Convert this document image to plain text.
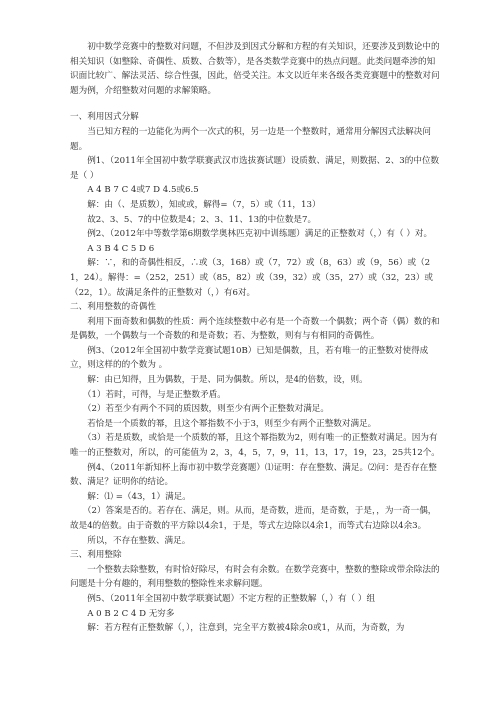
　　初中数学竞赛中的整数对问题，不但涉及到因式分解和方程的有关知识，还要涉及到数论中的相关知识（如整除、奇偶性、质数、合数等），是各类数学竞赛中的热点问题。此类问题牵涉的知识面比较广、解法灵活、综合性强，因此，倍受关注。本文以近年来各级各类竞赛题中的整数对问题为例，介绍整数对问题的求解策略。

一、利用因式分解

　　当已知方程的一边能化为两个一次式的积，另一边是一个整数时，通常用分解因式法解决问题。

　　例1、（2011年全国初中数学联赛武汉市选拔赛试题）设质数、满足，则数据、2、3的中位数是（ ）

　　A 4 B 7 C 4或7 D 4.5或6.5

　　解：由（、是质数），知或或，解得=（7，5）或（11，13）

　　故2、3、5、7的中位数是4；2、3、11、13的中位数是7。

　　例2、（2012年中等数学第6期数学奥林匹克初中训练题）满足的正整数对（，）有（ ）对。

　　A 3 B 4 C 5 D 6

　　解：∵，和的奇偶性相反，∴或（3，168）或（7，72）或（8，63）或（9，56）或（21，24）。解得：=（252，251）或（85，82）或（39，32）或（35，27）或（32，23）或（22，1）。故满足条件的正整数对（，）有6对。

二、利用整数的奇偶性

　　利用下面奇数和偶数的性质：两个连续整数中必有是一个奇数一个偶数；两个奇（偶）数的和是偶数，一个偶数与一个奇数的和是奇数；若、为整数，则有与有相同的奇偶性。

　　例3、（2012年全国初中数学竞赛试题10B）已知是偶数，且，若有唯一的正整数对使得成立，则这样的的个数为 。

　　解：由已知得，且为偶数，于是、同为偶数。所以，是4的倍数，设，则。

　　（1）若时，可得，与是正整数矛盾。

　　（2）若至少有两个不同的质因数，则至少有两个正整数对满足。

　　若恰是一个质数的幂，且这个幂指数不小于3，则至少有两个正整数对满足。

　　（3）若是质数，或恰是一个质数的幂，且这个幂指数为2，则有唯一的正整数对满足。因为有唯一的正整数对，所以，的可能值为 2，3，4，5，7，9，11，13，17，19，23，25共12个。

　　例4、（2011年新知杯上海市初中数学竞赛题）⑴证明：存在整数、满足。⑵问：是否存在整数、满足？证明你的结论。

　　解：⑴ =（43，1）满足。

　　（2）答案是否的。若存在、满足，则。从而，是奇数，进而，是奇数，于是，，为一奇一偶，故是4的倍数。由于奇数的平方除以4余1，于是，等式左边除以4余1，而等式右边除以4余3。

　　所以，不存在整数、满足。

三、利用整除

　　一个整数去除整数，有时恰好除尽，有时会有余数。在数学竞赛中，整数的整除或带余除法的问题是十分有趣的，利用整数的整除性来求解问题。

　　例5、（2011年全国初中数学联赛试题）不定方程的正整数解（，）有（ ）组

　　A 0 B 2 C 4 D 无穷多

　　解：若方程有正整数解（，），注意到，完全平方数被4除余0或1，从而，为奇数，为
